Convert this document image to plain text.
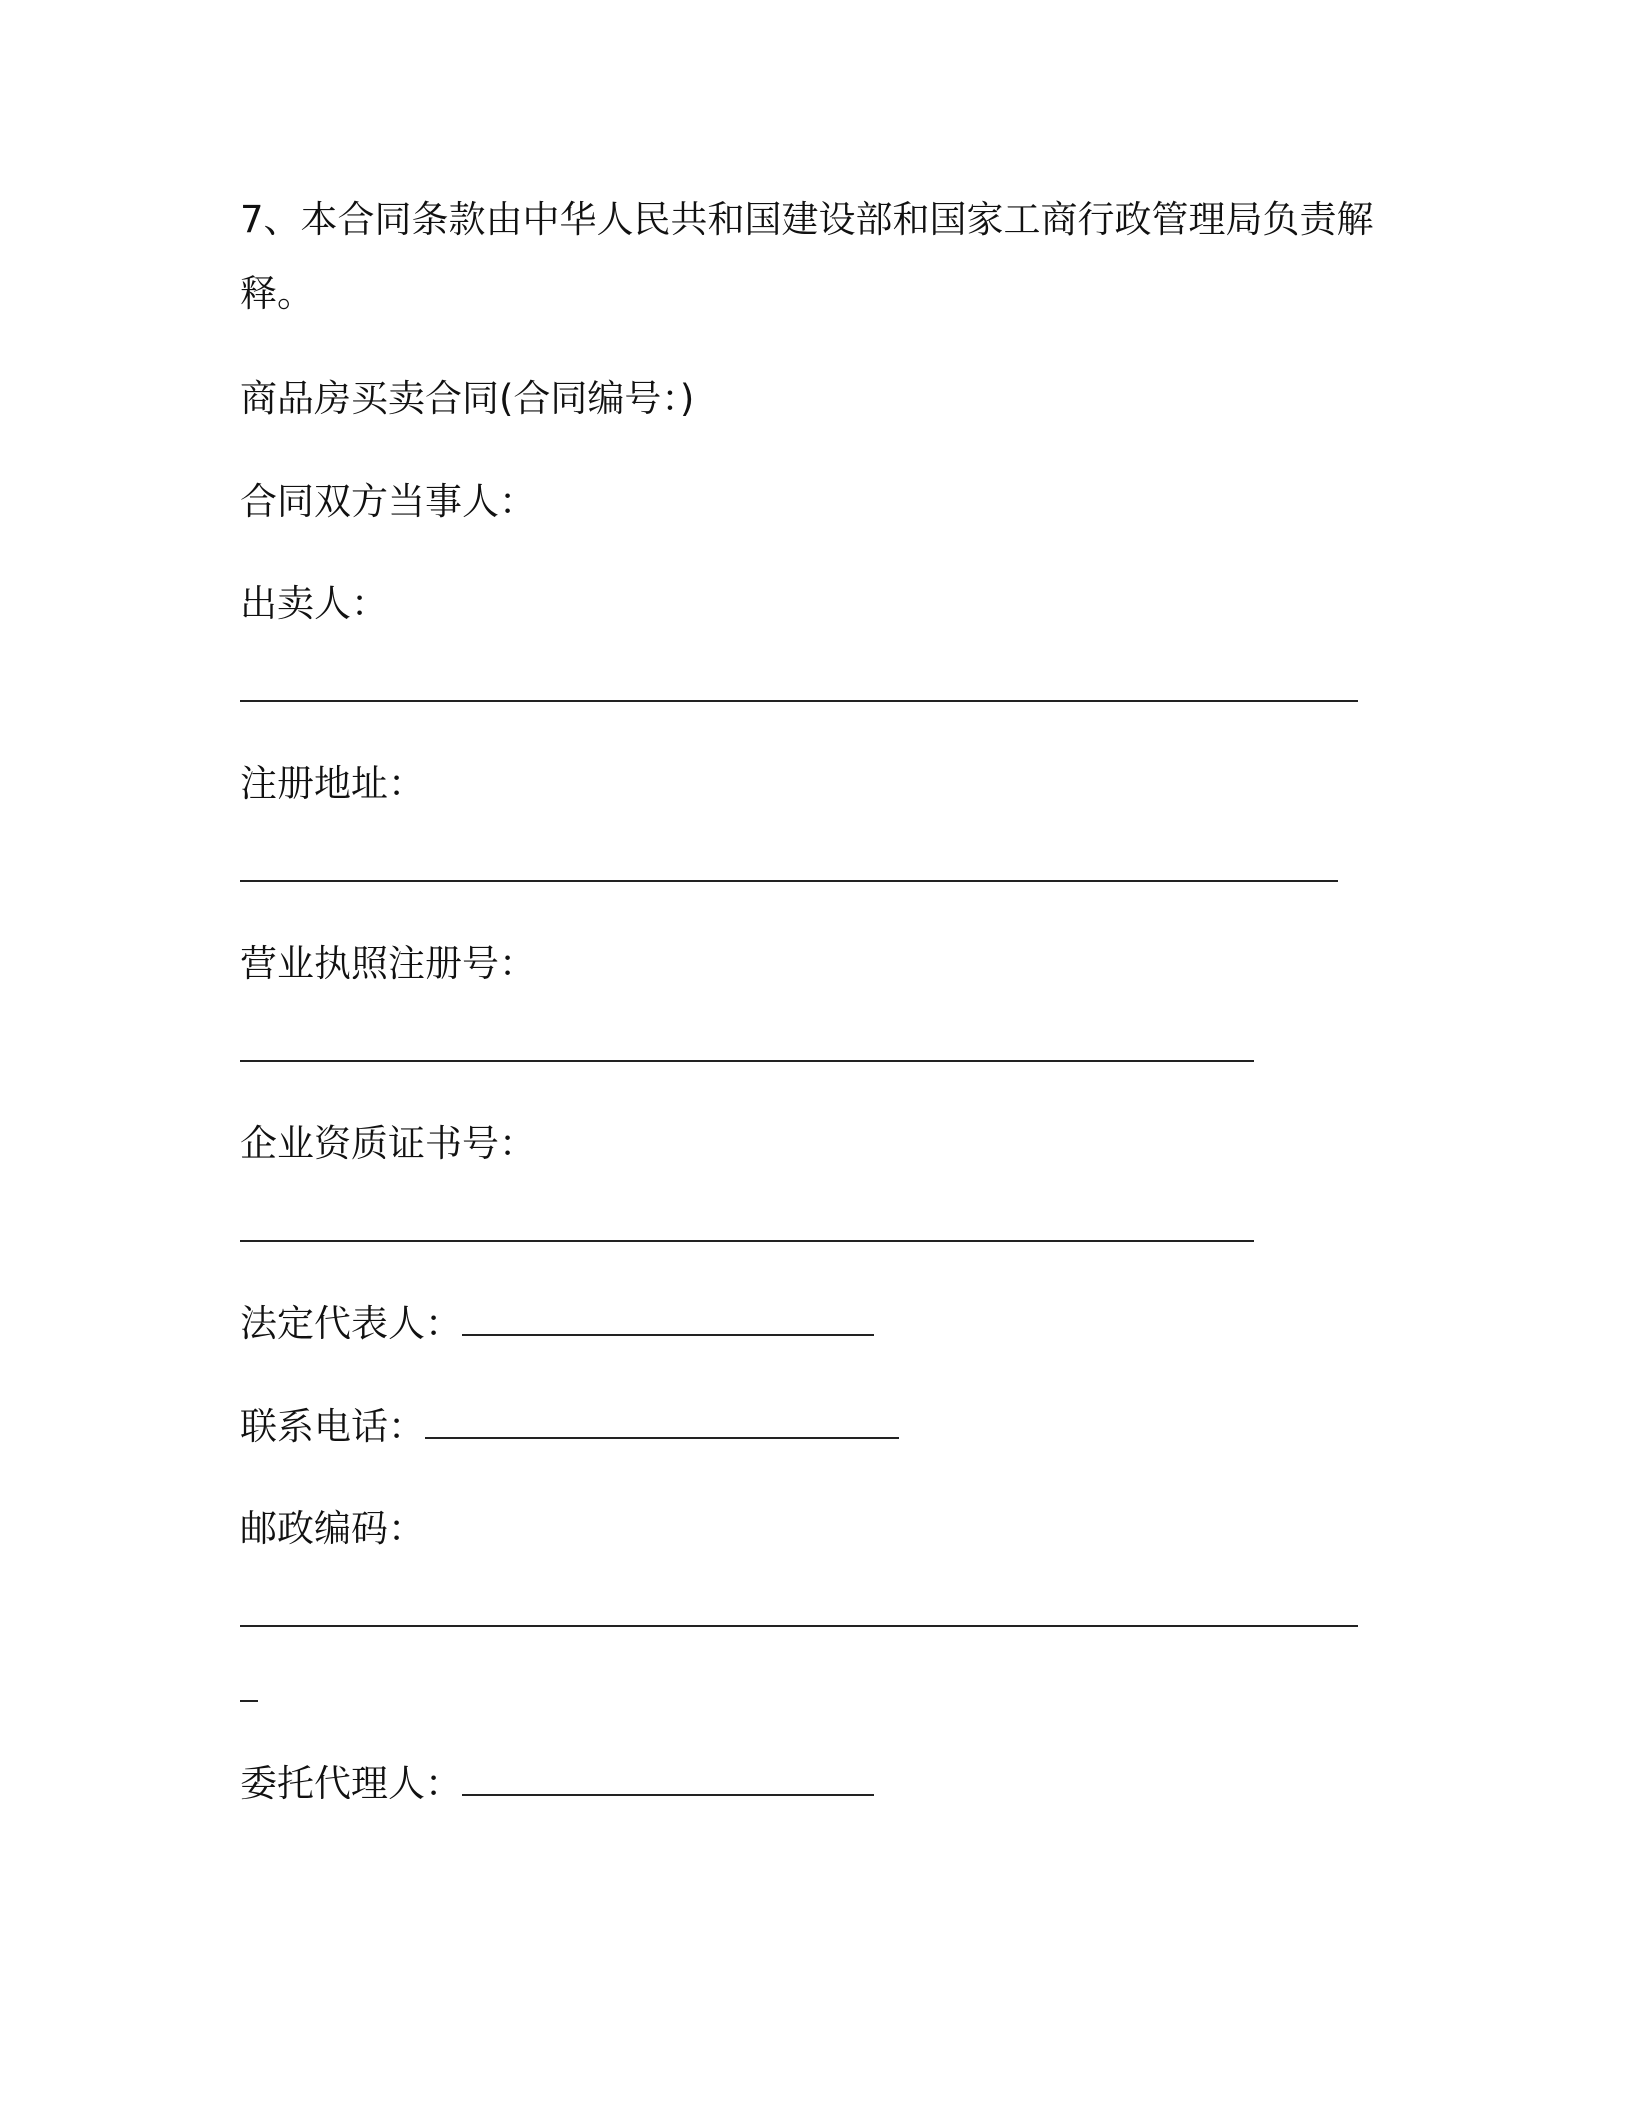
7、本合同条款由中华人民共和国建设部和国家工商行政管理局负责解
释。
商品房买卖合同(合同编号：)
合同双方当事人：
出卖人：
注册地址：
营业执照注册号：
企业资质证书号：
法定代表人：
联系电话：
邮政编码：
委托代理人：
